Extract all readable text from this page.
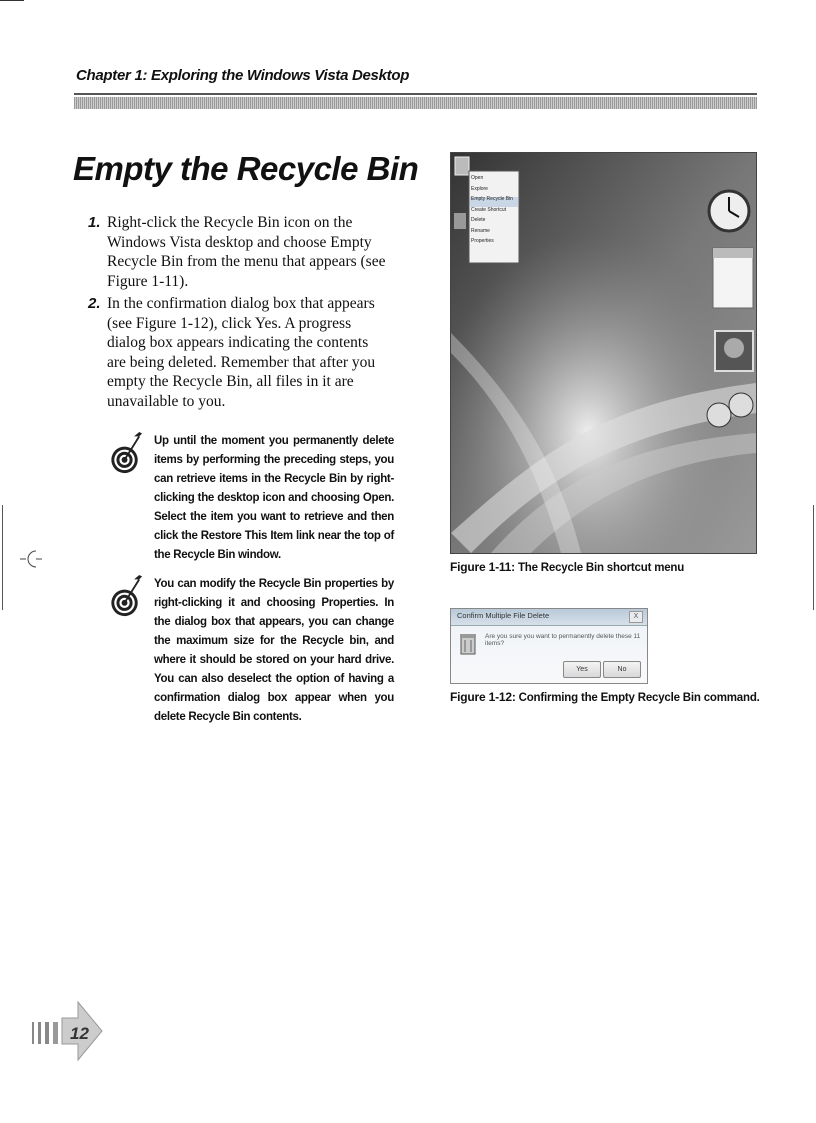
Chapter 1: Exploring the Windows Vista Desktop
Empty the Recycle Bin
1. Right-click the Recycle Bin icon on the Windows Vista desktop and choose Empty Recycle Bin from the menu that appears (see Figure 1-11).
2. In the confirmation dialog box that appears (see Figure 1-12), click Yes. A progress dialog box appears indicating the contents are being deleted. Remember that after you empty the Recycle Bin, all files in it are unavailable to you.
Up until the moment you permanently delete items by performing the preceding steps, you can retrieve items in the Recycle Bin by right-clicking the desktop icon and choosing Open. Select the item you want to retrieve and then click the Restore This Item link near the top of the Recycle Bin window.
You can modify the Recycle Bin properties by right-clicking it and choosing Properties. In the dialog box that appears, you can change the maximum size for the Recycle bin, and where it should be stored on your hard drive. You can also deselect the option of having a confirmation dialog box appear when you delete Recycle Bin contents.
Open
Explore
Empty Recycle Bin
Create Shortcut
Delete
Rename
Properties
Figure 1-11: The Recycle Bin shortcut menu
Confirm Multiple File Delete	X
Are you sure you want to permanently delete these 11 items?
Yes	No
Figure 1-12: Confirming the Empty Recycle Bin command.
12
